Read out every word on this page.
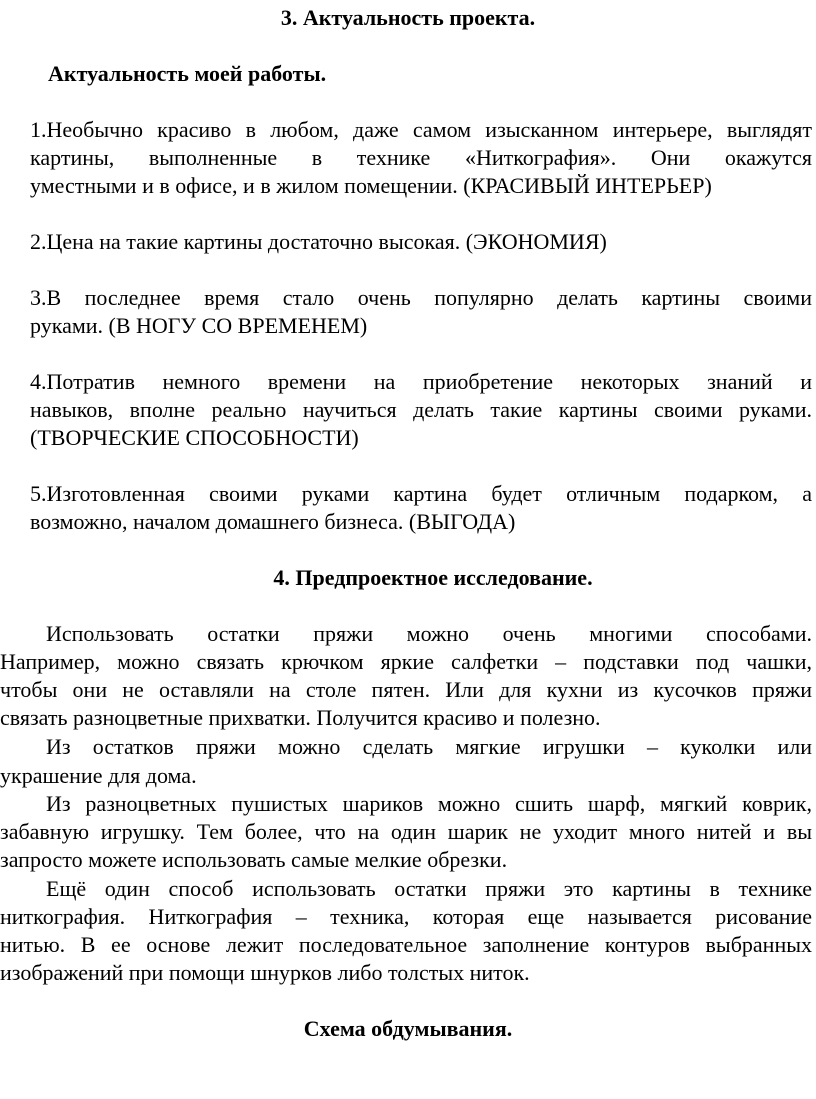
3. Актуальность проекта.
Актуальность моей работы.
1.Необычно красиво в любом, даже самом изысканном интерьере, выглядят
картины, выполненные в технике «Ниткография». Они окажутся
уместными и в офисе, и в жилом помещении. (КРАСИВЫЙ ИНТЕРЬЕР)
2.Цена на такие картины достаточно высокая. (ЭКОНОМИЯ)
3.В последнее время стало очень популярно делать картины своими
руками. (В НОГУ СО ВРЕМЕНЕМ)
4.Потратив немного времени на приобретение некоторых знаний и
навыков, вполне реально научиться делать такие картины своими руками.
(ТВОРЧЕСКИЕ СПОСОБНОСТИ)
5.Изготовленная своими руками картина будет отличным подарком, а
возможно, началом домашнего бизнеса. (ВЫГОДА)
4. Предпроектное исследование.
Использовать остатки пряжи можно очень многими способами.
Например, можно связать крючком яркие салфетки – подставки под чашки,
чтобы они не оставляли на столе пятен. Или для кухни из кусочков пряжи
связать разноцветные прихватки. Получится красиво и полезно.
Из остатков пряжи можно сделать мягкие игрушки – куколки или
украшение для дома.
Из разноцветных пушистых шариков можно сшить шарф, мягкий коврик,
забавную игрушку. Тем более, что на один шарик не уходит много нитей и вы
запросто можете использовать самые мелкие обрезки.
Ещё один способ использовать остатки пряжи это картины в технике
ниткография. Ниткография – техника, которая еще называется рисование
нитью. В ее основе лежит последовательное заполнение контуров выбранных
изображений при помощи шнурков либо толстых ниток.
Схема обдумывания.
